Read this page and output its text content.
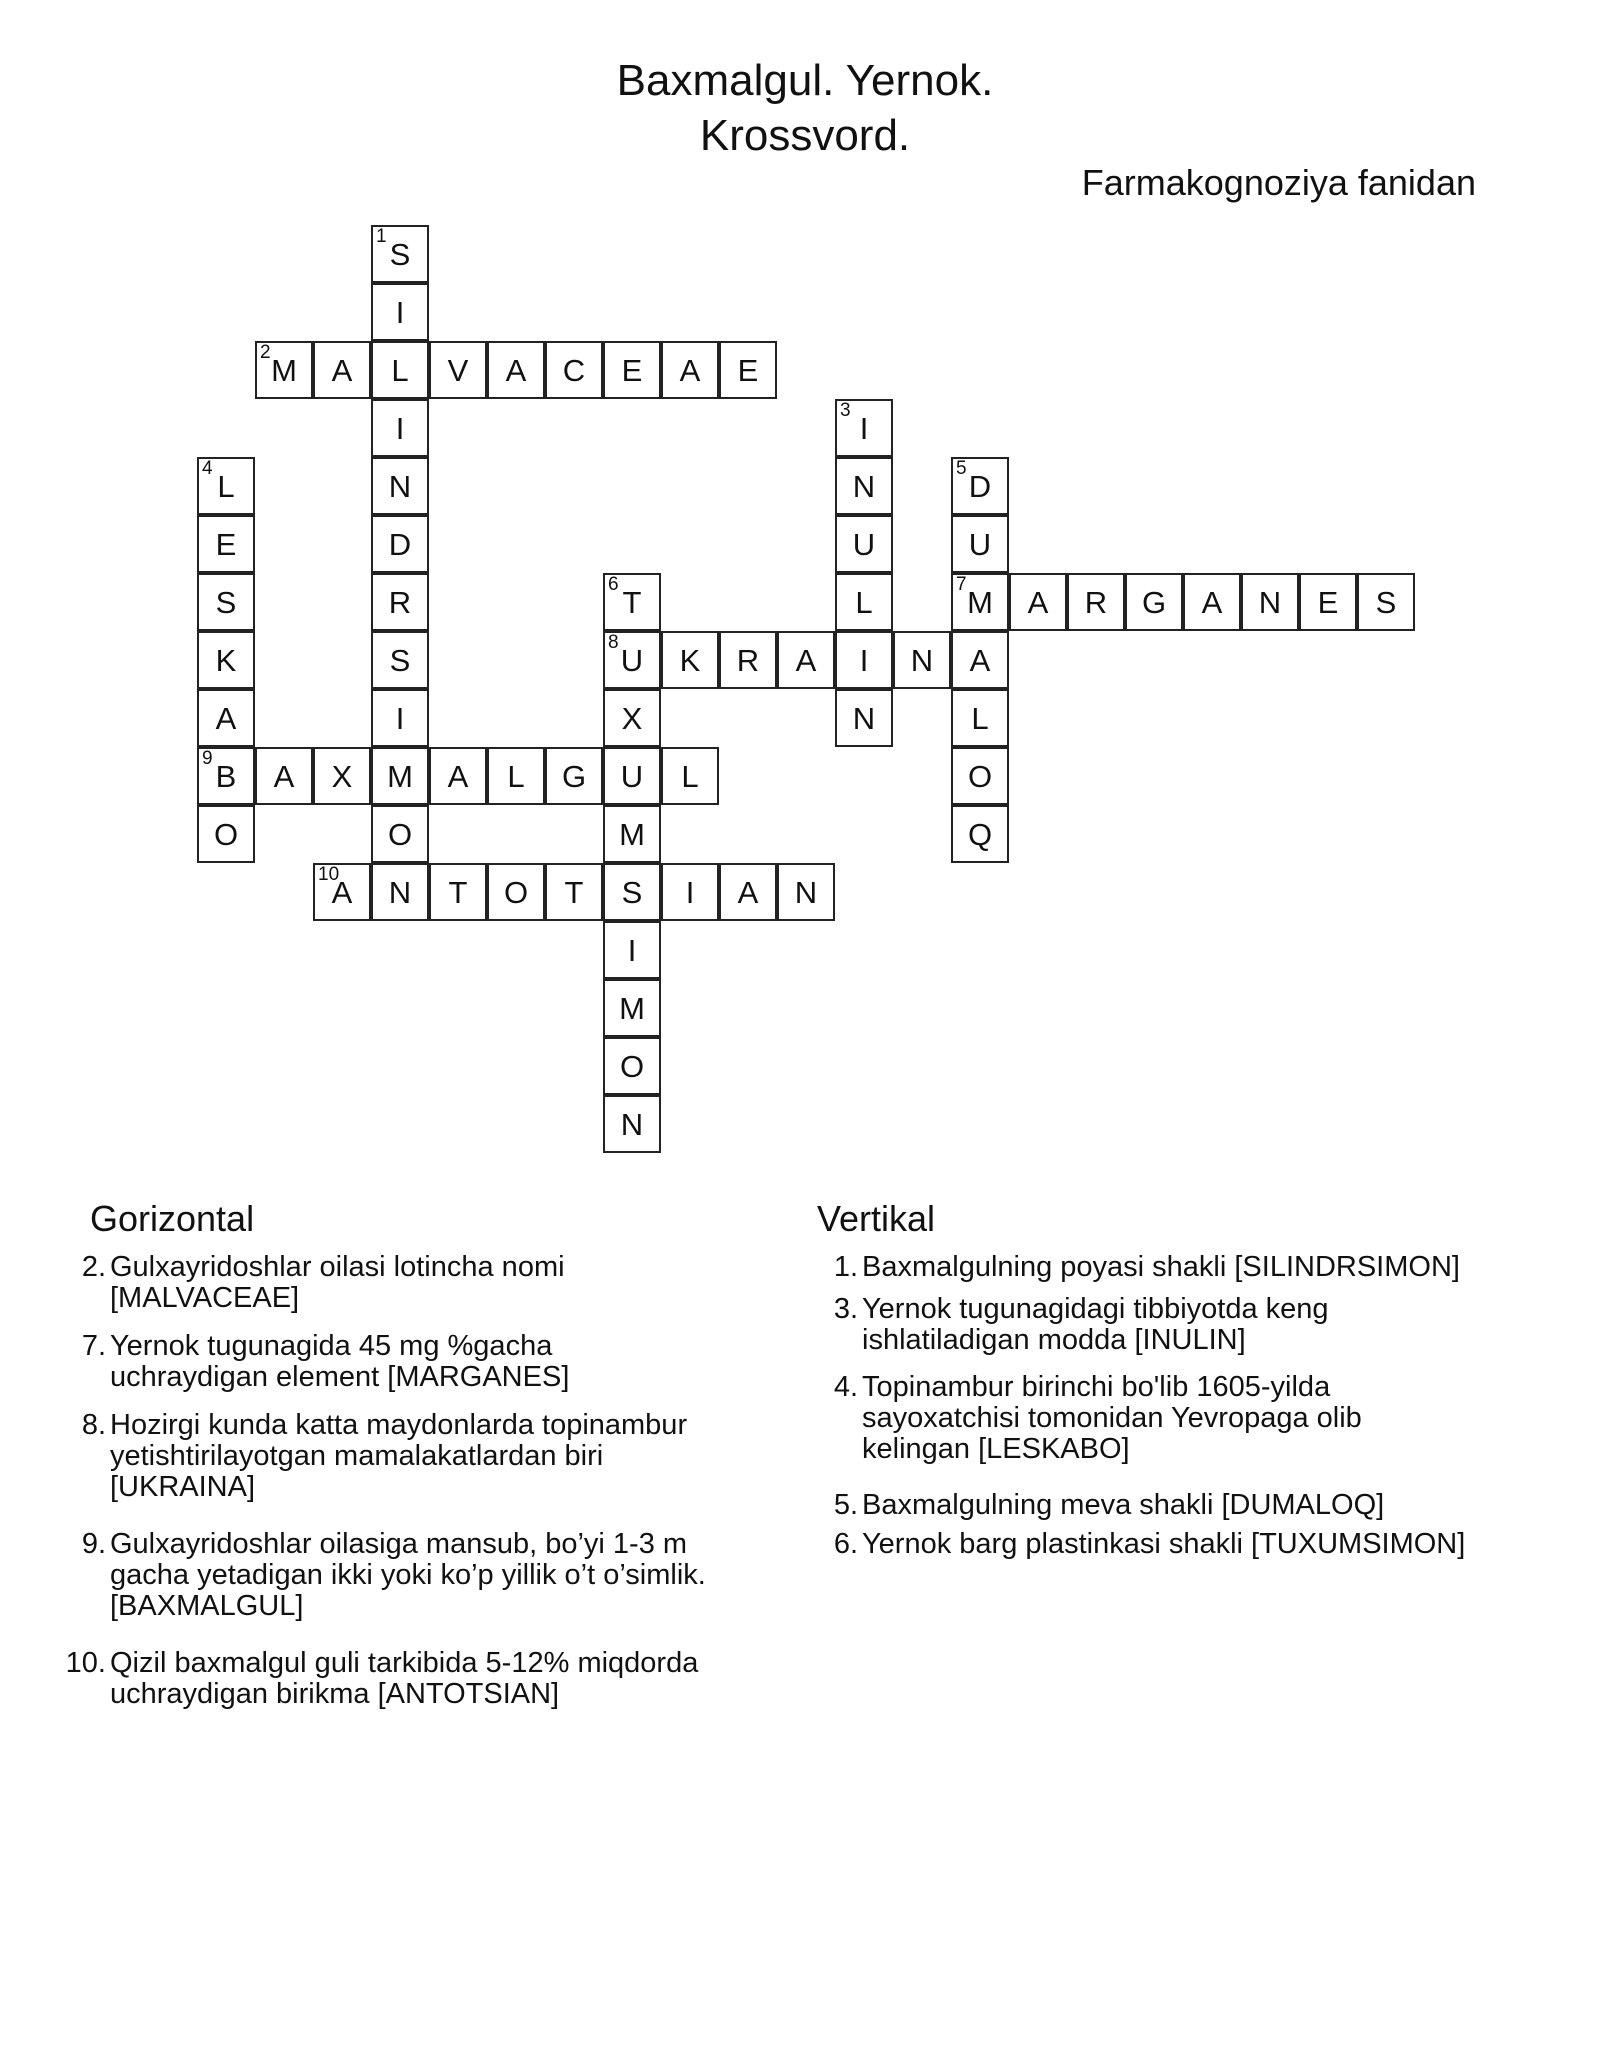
Baxmalgul. Yernok.
Krossvord.
Farmakognoziya fanidan
1
S
I
2
M	A	L	V	A	C	E	A	E
I
3
I
4
L	N	N
5
D
E	D	U	U
S	R
6
T	L
7
M	A	R	G	A	N	E	S
K	S
8
U	K	R	A	I	N	A
A	I	X	N	L
9
B	A	X	M	A	L	G	U	L	O
O	O	M	Q
10
A	N	T	O	T	S	I	A	N
I
M
O
N
Gorizontal	Vertikal
2. Gulxayridoshlar oilasi lotincha nomi
[MALVACEAE]
7. Yernok tugunagida 45 mg %gacha
uchraydigan element [MARGANES]
8. Hozirgi kunda katta maydonlarda topinambur
yetishtirilayotgan mamalakatlardan biri
[UKRAINA]
9. Gulxayridoshlar oilasiga mansub, bo’yi 1-3 m
gacha yetadigan ikki yoki ko’p yillik o’t o’simlik.
[BAXMALGUL]
10. Qizil baxmalgul guli tarkibida 5-12% miqdorda
uchraydigan birikma [ANTOTSIAN]
1. Baxmalgulning poyasi shakli [SILINDRSIMON]
3. Yernok tugunagidagi tibbiyotda keng
ishlatiladigan modda [INULIN]
4. Topinambur birinchi bo'lib 1605-yilda
sayoxatchisi tomonidan Yevropaga olib
kelingan [LESKABO]
5. Baxmalgulning meva shakli [DUMALOQ]
6. Yernok barg plastinkasi shakli [TUXUMSIMON]
